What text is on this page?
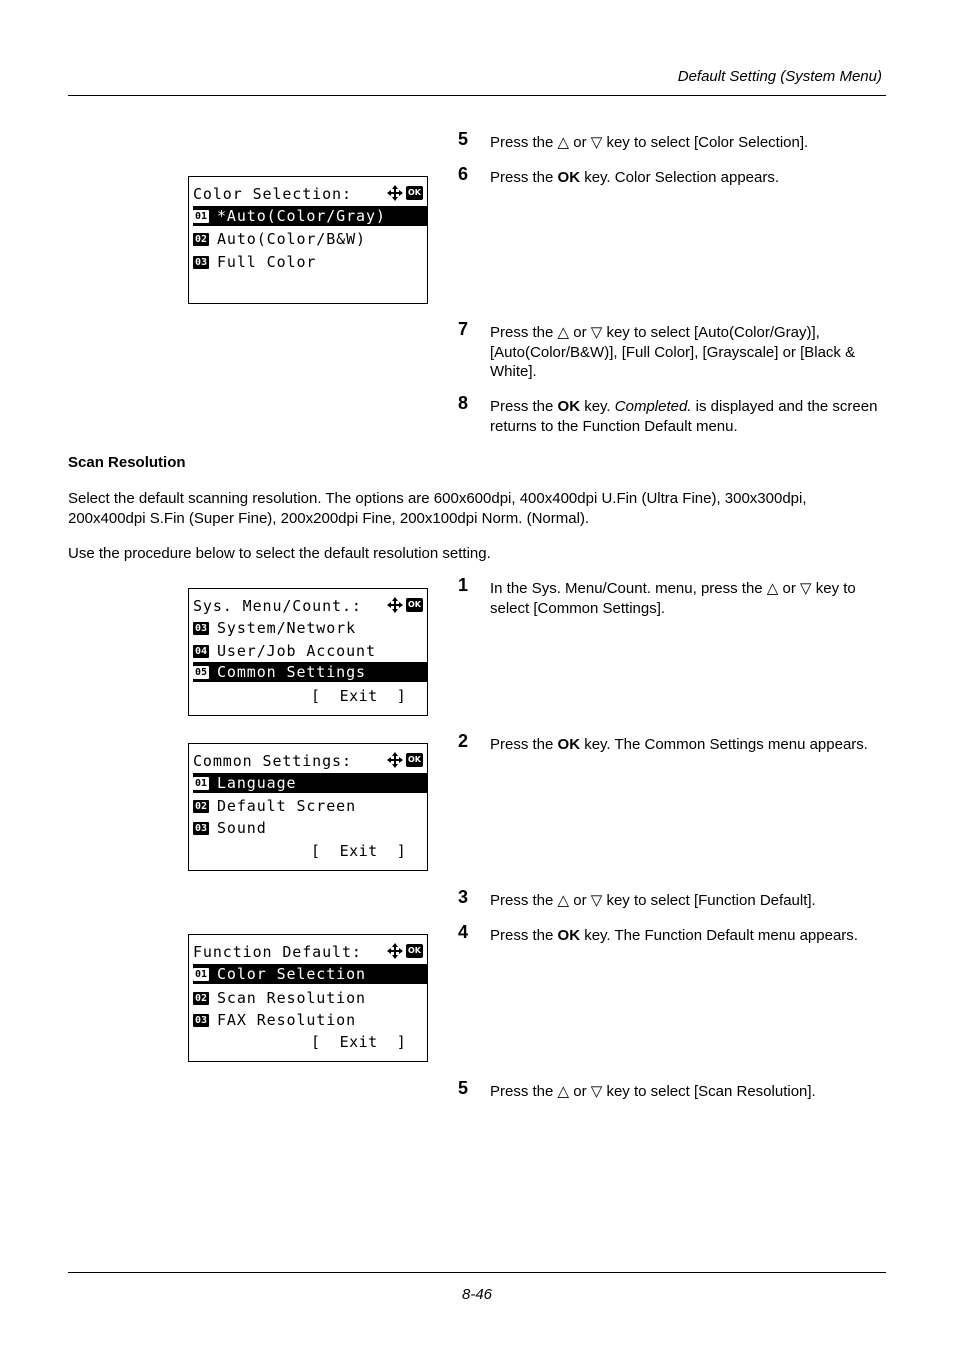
Default Setting (System Menu)
5 Press the △ or ▽ key to select [Color Selection].
6 Press the OK key. Color Selection appears.
7 Press the △ or ▽ key to select [Auto(Color/Gray)], [Auto(Color/B&W)], [Full Color], [Grayscale] or [Black & White].
8 Press the OK key. Completed. is displayed and the screen returns to the Function Default menu.
Scan Resolution
Select the default scanning resolution. The options are 600x600dpi, 400x400dpi U.Fin (Ultra Fine), 300x300dpi, 200x400dpi S.Fin (Super Fine), 200x200dpi Fine, 200x100dpi Norm. (Normal).
Use the procedure below to select the default resolution setting.
1 In the Sys. Menu/Count. menu, press the △ or ▽ key to select [Common Settings].
2 Press the OK key. The Common Settings menu appears.
3 Press the △ or ▽ key to select [Function Default].
4 Press the OK key. The Function Default menu appears.
5 Press the △ or ▽ key to select [Scan Resolution].
Color Selection:	OK
01 *Auto(Color/Gray)
02 Auto(Color/B&W)
03 Full Color
Sys. Menu/Count.:	OK
03 System/Network
04 User/Job Account
05 Common Settings
[  Exit  ]
Common Settings:	OK
01 Language
02 Default Screen
03 Sound
[  Exit  ]
Function Default:	OK
01 Color Selection
02 Scan Resolution
03 FAX Resolution
[  Exit  ]
8-46
